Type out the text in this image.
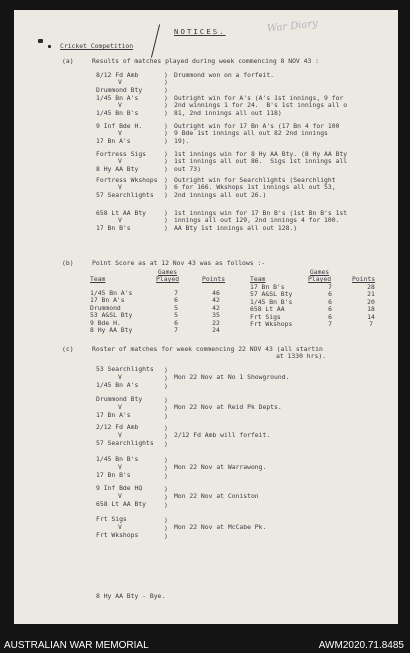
NOTICES.

	War Diary

Cricket Competition

(a)

	Results of matches played during week commencing 8 NOV 43 :

8/12 Fd Amb
V
Drummond Bty
)
)
)
Drummond won on a forfeit.
1/45 Bn A's
V
1/45 Bn B's
)
)
)
Outright win for A's (A's 1st innings, 9 for
2nd winnings 1 for 24.  B's 1st innings all o
81, 2nd innings all out 118)
9 Inf Bde H.
V
17 Bn A's
)
)
)
Outright win for 17 Bn A's (17 Bn 4 for 100
9 Bde 1st innings all out 82 2nd innings
19).
Fortress Sigs
V
8 Hy AA Bty
)
)
)
1st innings win for 8 Hy AA Bty. (8 Hy AA Bty
1st innings all out 86.  Sigs 1st innings all
out 73)
Fortress Wkshops
V
57 Searchlights
)
)
)
Outright win for Searchlights (Searchlight
6 for 166. Wkshops 1st innings all out 53,
2nd innings all out 26.)
658 Lt AA Bty
V
17 Bn B's
)
)
)
1st innings win for 17 Bn B's (1st Bn B's 1st
innings all out 129, 2nd innings 4 for 100.
AA Bty 1st innings all out 128.)

(b)

	Point Score as at 12 Nov 43 was as follows :-

Team

Games
Played

	Points

	Team

Games
Played

	Points

1/45 Bn A's	7	46
17 Bn A's	6	42
Drummond	5	42
53 A&SL Bty	5	35
9 Bde H.	6	22
8 Hy AA Bty	7	24

17 Bn B's	7	28
57 A&SL Bty	6	21
1/45 Bn B's	6	20
658 Lt AA	6	18
Frt Sigs	6	14
Frt Wkshops	7	7

(c)

	Roster of matches for week commencing 22 NOV 43 (all startin

at 1330 hrs).

53 Searchlights
V
1/45 Bn A's
)
)
)
Mon 22 Nov at No 1 Showground.
Drummond Bty
V
17 Bn A's
)
)
)
Mon 22 Nov at Reid Pk Depts.
2/12 Fd Amb
V
57 Searchlights
)
)
)
2/12 Fd Amb will forfeit.
1/45 Bn B's
V
17 Bn B's
)
)
)
Mon 22 Nov at Warrawong.
9 Inf Bde HQ
V
658 Lt AA Bty
)
)
)
Mon 22 Nov at Coniston
Frt Sigs
V
Frt Wkshops
)
)
)
Mon 22 Nov at McCabe Pk.

8 Hy AA Bty - Bye.

AUSTRALIAN WAR MEMORIAL	AWM2020.71.8485
